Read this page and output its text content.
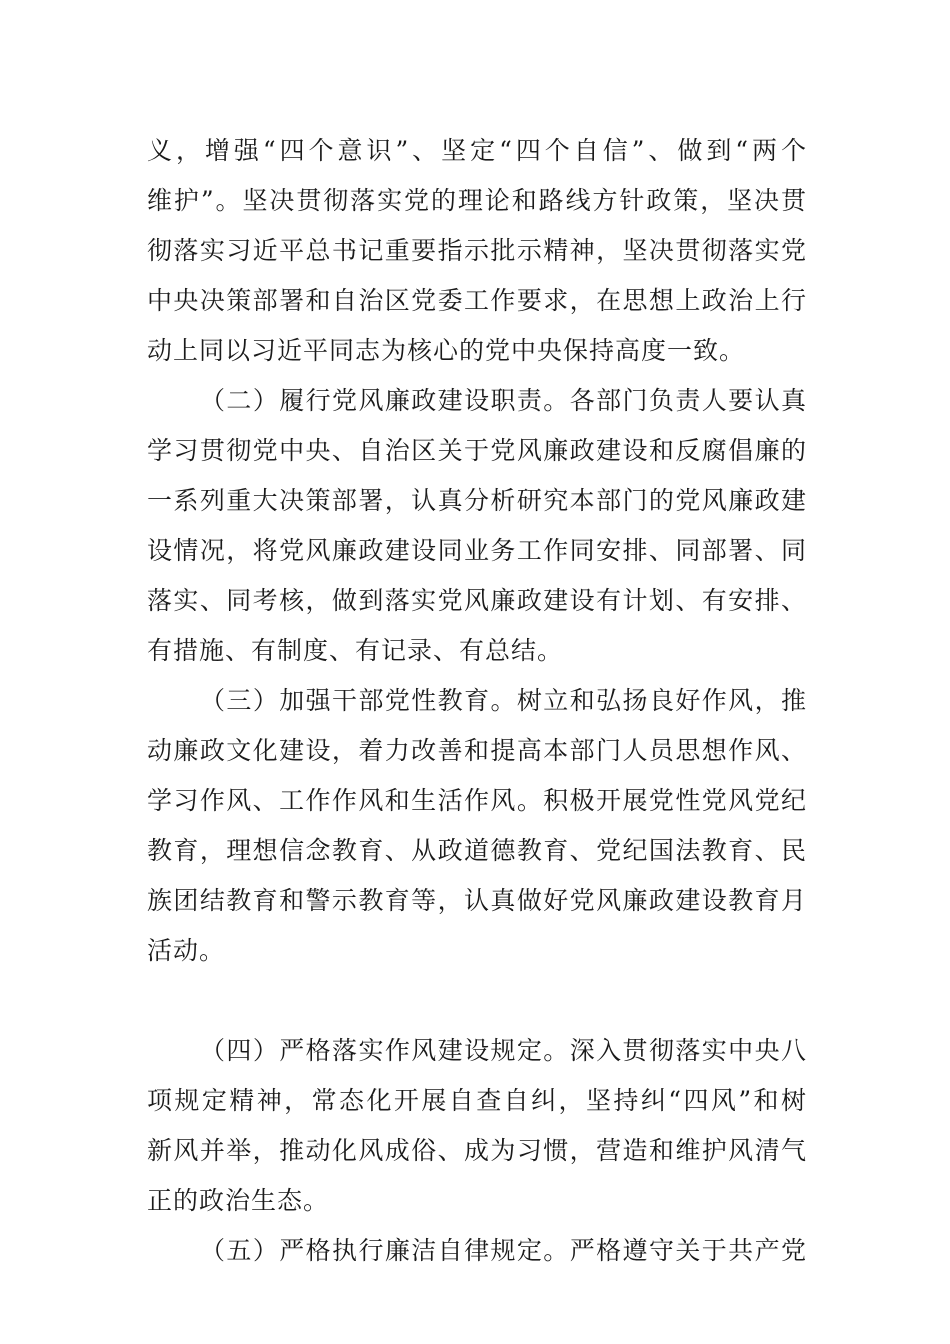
义，增强“四个意识”、坚定“四个自信”、做到“两个
维护”。坚决贯彻落实党的理论和路线方针政策，坚决贯
彻落实习近平总书记重要指示批示精神，坚决贯彻落实党
中央决策部署和自治区党委工作要求，在思想上政治上行
动上同以习近平同志为核心的党中央保持高度一致。
（二）履行党风廉政建设职责。各部门负责人要认真
学习贯彻党中央、自治区关于党风廉政建设和反腐倡廉的
一系列重大决策部署，认真分析研究本部门的党风廉政建
设情况，将党风廉政建设同业务工作同安排、同部署、同
落实、同考核，做到落实党风廉政建设有计划、有安排、
有措施、有制度、有记录、有总结。
（三）加强干部党性教育。树立和弘扬良好作风，推
动廉政文化建设，着力改善和提高本部门人员思想作风、
学习作风、工作作风和生活作风。积极开展党性党风党纪
教育，理想信念教育、从政道德教育、党纪国法教育、民
族团结教育和警示教育等，认真做好党风廉政建设教育月
活动。
（四）严格落实作风建设规定。深入贯彻落实中央八
项规定精神，常态化开展自查自纠，坚持纠“四风”和树
新风并举，推动化风成俗、成为习惯，营造和维护风清气
正的政治生态。
（五）严格执行廉洁自律规定。严格遵守关于共产党
